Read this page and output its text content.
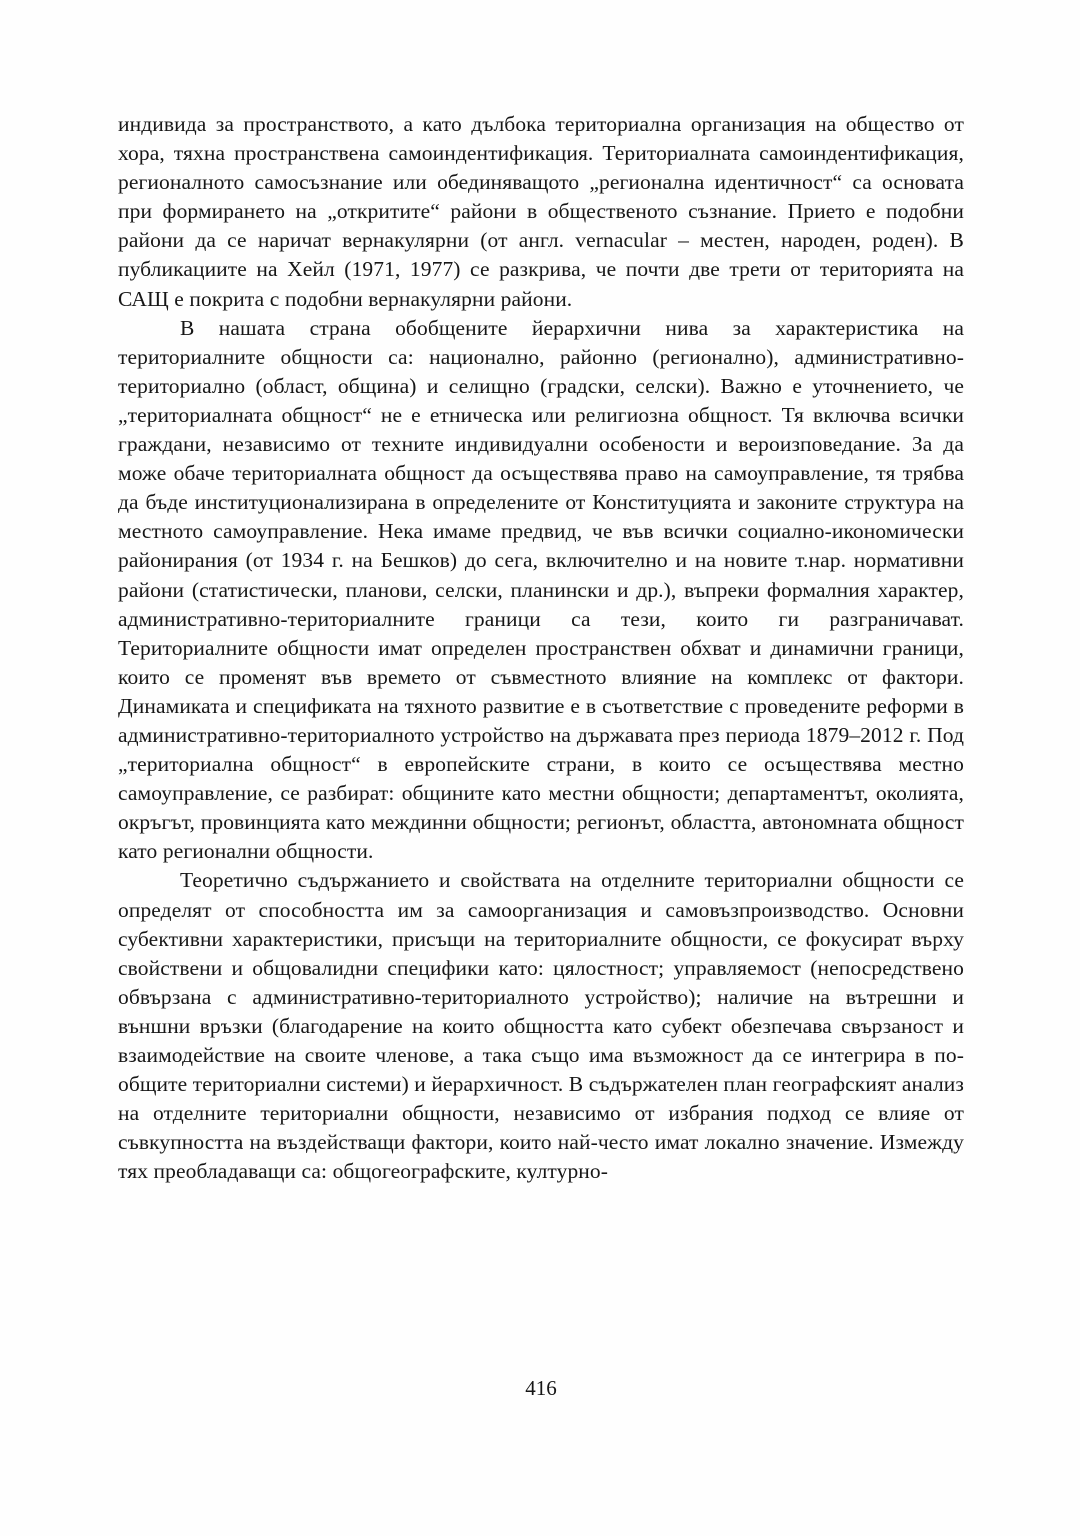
индивида за пространството, а като дълбока териториална организация на общество от хора, тяхна пространствена самоиндентификация. Териториалната самоиндентификация, регионалното самосъзнание или обединяващото „регионална идентичност“ са основата при формирането на „откритите“ райони в общественото съзнание. Прието е подобни райони да се наричат вернакулярни (от англ. vernacular – местен, народен, роден). В публикациите на Хейл (1971, 1977) се разкрива, че почти две трети от територията на САЩ е покрита с подобни вернакулярни райони.

В нашата страна обобщените йерархични нива за характеристика на териториалните общности са: национално, районно (регионално), административно-териториално (област, община) и селищно (градски, селски). Важно е уточнението, че „териториалната общност“ не е етническа или религиозна общност. Тя включва всички граждани, независимо от техните индивидуални особености и вероизповедание. За да може обаче териториалната общност да осъществява право на самоуправление, тя трябва да бъде институционализирана в определените от Конституцията и законите структура на местното самоуправление. Нека имаме предвид, че във всички социално-икономически районирания (от 1934 г. на Бешков) до сега, включително и на новите т.нар. нормативни райони (статистически, планови, селски, планински и др.), въпреки формалния характер, административно-териториалните граници са тези, които ги разграничават. Териториалните общности имат определен пространствен обхват и динамични граници, които се променят във времето от съвместното влияние на комплекс от фактори. Динамиката и спецификата на тяхното развитие е в съответствие с проведените реформи в административно-териториалното устройство на държавата през периода 1879–2012 г. Под „териториална общност“ в европейските страни, в които се осъществява местно самоуправление, се разбират: общините като местни общности; департаментът, околията, окръгът, провинцията като междинни общности; регионът, областта, автономната общност като регионални общности.

Теоретично съдържанието и свойствата на отделните териториални общности се определят от способността им за самоорганизация и самовъзпроизводство. Основни субективни характеристики, присъщи на териториалните общности, се фокусират върху свойствени и общовалидни специфики като: цялостност; управляемост (непосредствено обвързана с административно-териториалното устройство); наличие на вътрешни и външни връзки (благодарение на които общността като субект обезпечава свързаност и взаимодействие на своите членове, а така също има възможност да се интегрира в по-общите териториални системи) и йерархичност. В съдържателен план географският анализ на отделните териториални общности, независимо от избрания подход се влияе от съвкупността на въздействащи фактори, които най-често имат локално значение. Измежду тях преобладаващи са: общогеографските, културно-

416
